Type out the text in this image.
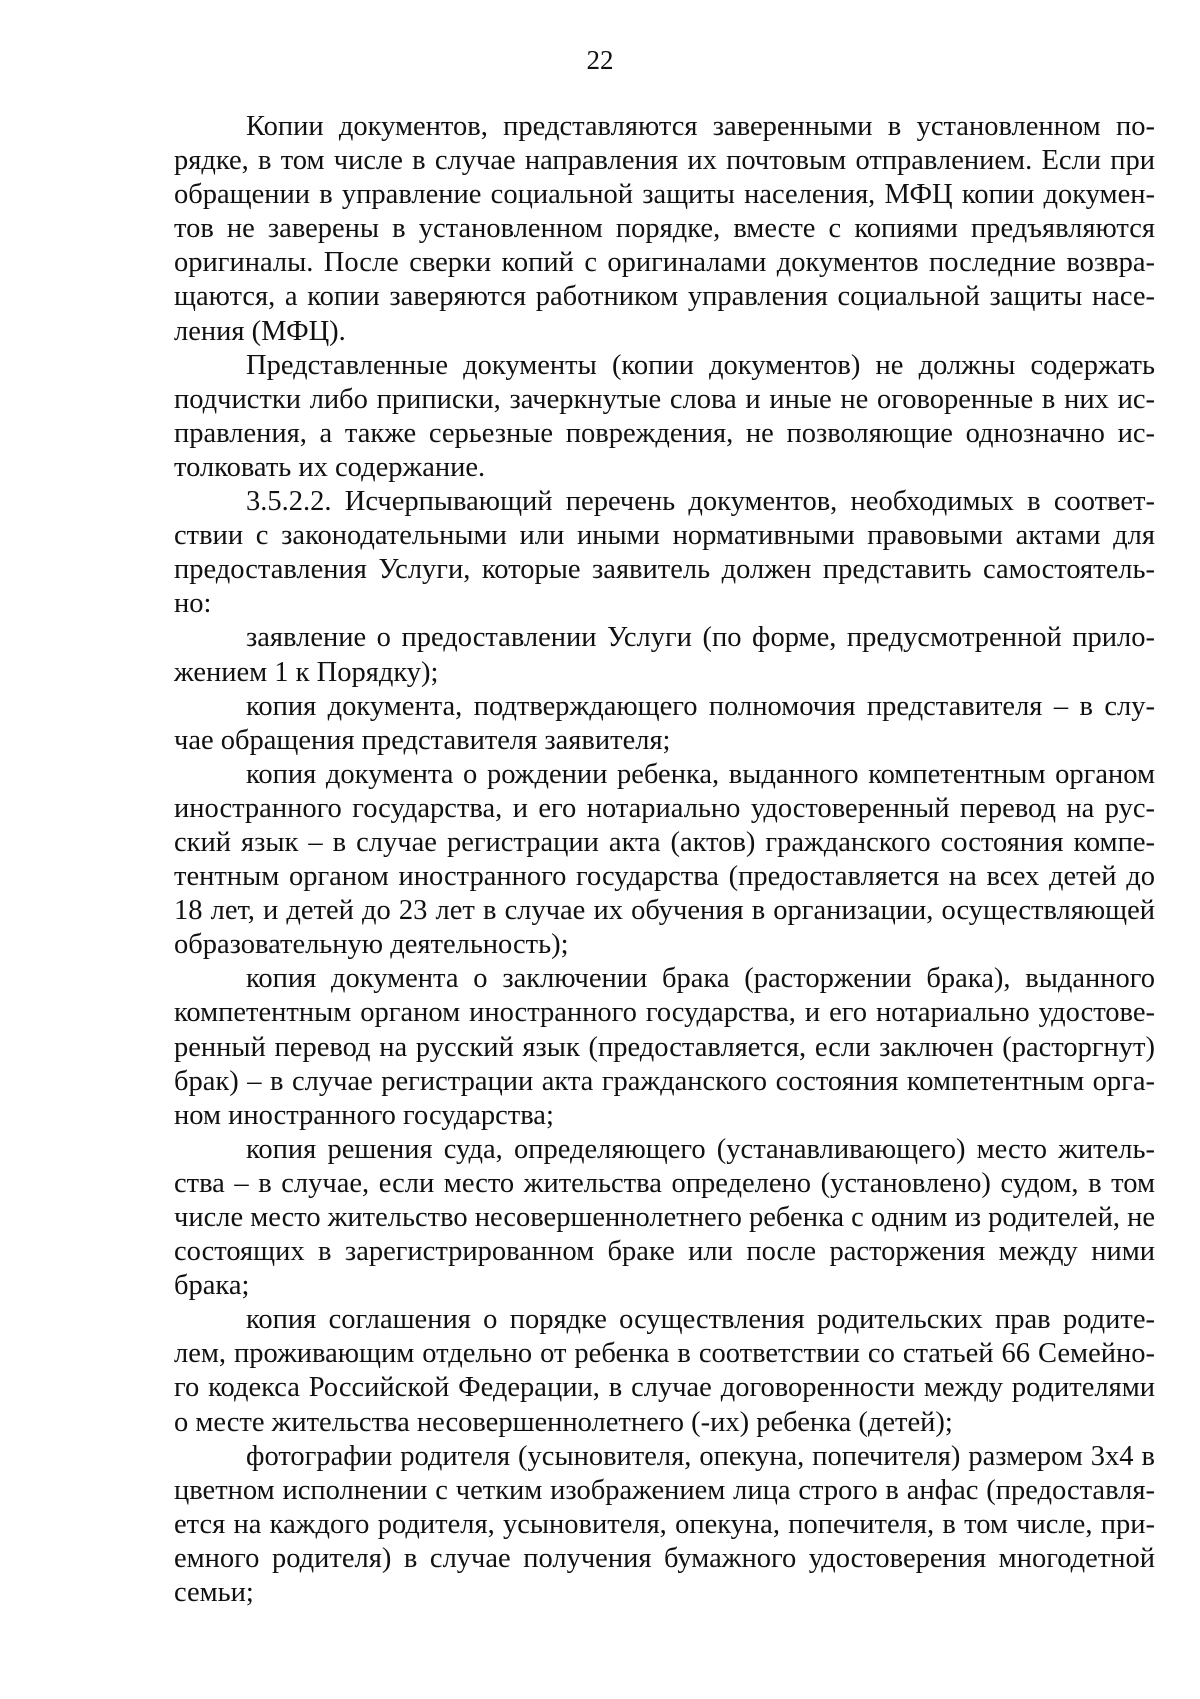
22

Копии документов, представляются заверенными в установленном порядке, в том числе в случае направления их почтовым отправлением. Если при обращении в управление социальной защиты населения, МФЦ копии документов не заверены в установленном порядке, вместе с копиями предъявляются оригиналы. После сверки копий с оригиналами документов последние возвращаются, а копии заверяются работником управления социальной защиты населения (МФЦ).

Представленные документы (копии документов) не должны содержать подчистки либо приписки, зачеркнутые слова и иные не оговоренные в них исправления, а также серьезные повреждения, не позволяющие однозначно истолковать их содержание.

3.5.2.2. Исчерпывающий перечень документов, необходимых в соответствии с законодательными или иными нормативными правовыми актами для предоставления Услуги, которые заявитель должен представить самостоятельно:

заявление о предоставлении Услуги (по форме, предусмотренной приложением 1 к Порядку);

копия документа, подтверждающего полномочия представителя – в случае обращения представителя заявителя;

копия документа о рождении ребенка, выданного компетентным органом иностранного государства, и его нотариально удостоверенный перевод на русский язык – в случае регистрации акта (актов) гражданского состояния компетентным органом иностранного государства (предоставляется на всех детей до 18 лет, и детей до 23 лет в случае их обучения в организации, осуществляющей образовательную деятельность);

копия документа о заключении брака (расторжении брака), выданного компетентным органом иностранного государства, и его нотариально удостоверенный перевод на русский язык (предоставляется, если заключен (расторгнут) брак) – в случае регистрации акта гражданского состояния компетентным органом иностранного государства;

копия решения суда, определяющего (устанавливающего) место жительства – в случае, если место жительства определено (установлено) судом, в том числе место жительство несовершеннолетнего ребенка с одним из родителей, не состоящих в зарегистрированном браке или после расторжения между ними брака;

копия соглашения о порядке осуществления родительских прав родителем, проживающим отдельно от ребенка в соответствии со статьей 66 Семейного кодекса Российской Федерации, в случае договоренности между родителями о месте жительства несовершеннолетнего (-их) ребенка (детей);

фотографии родителя (усыновителя, опекуна, попечителя) размером 3х4 в цветном исполнении с четким изображением лица строго в анфас (предоставляется на каждого родителя, усыновителя, опекуна, попечителя, в том числе, приемного родителя) в случае получения бумажного удостоверения многодетной семьи;
